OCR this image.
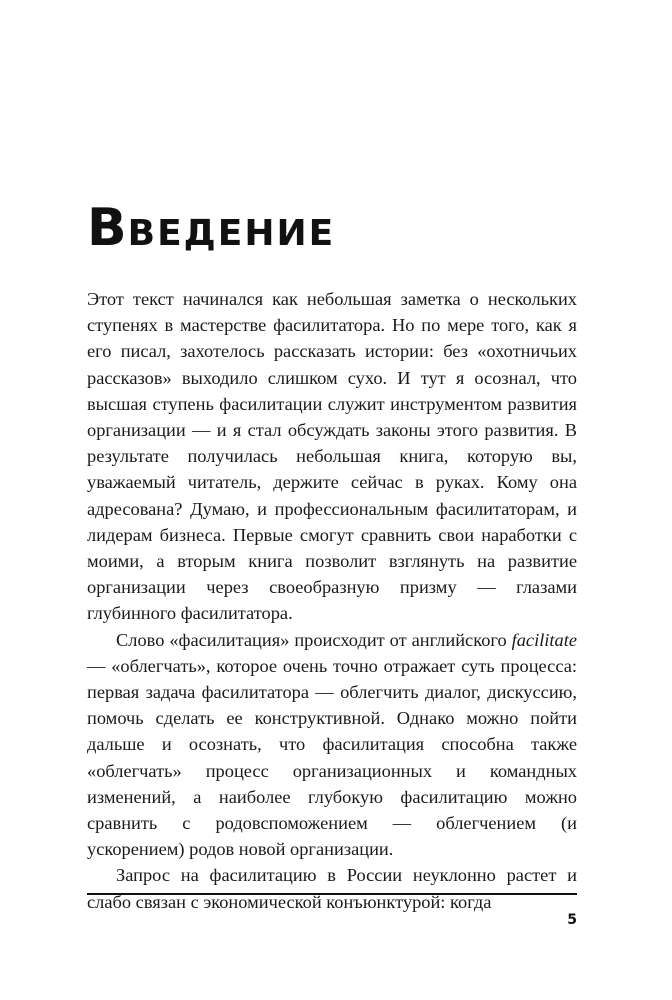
ВВЕДЕНИЕ

Этот текст начинался как небольшая заметка о нескольких ступенях в мастерстве фасилитатора. Но по мере того, как я его писал, захотелось рассказать истории: без «охотничьих рассказов» выходило слишком сухо. И тут я осознал, что высшая ступень фасилитации служит инструментом развития организации — и я стал обсуждать законы этого развития. В результате получилась небольшая книга, которую вы, уважаемый читатель, держите сейчас в руках. Кому она адресована? Думаю, и профессиональным фасилитаторам, и лидерам бизнеса. Первые смогут сравнить свои наработки с моими, а вторым книга позволит взглянуть на развитие организации через своеобразную призму — глазами глубинного фасилитатора.

Слово «фасилитация» происходит от английского facilitate — «облегчать», которое очень точно отражает суть процесса: первая задача фасилитатора — облегчить диалог, дискуссию, помочь сделать ее конструктивной. Однако можно пойти дальше и осознать, что фасилитация способна также «облегчать» процесс организационных и командных изменений, а наиболее глубокую фасилитацию можно сравнить с родовспоможением — облегчением (и ускорением) родов новой организации.

Запрос на фасилитацию в России неуклонно растет и слабо связан с экономической конъюнктурой: когда

5
